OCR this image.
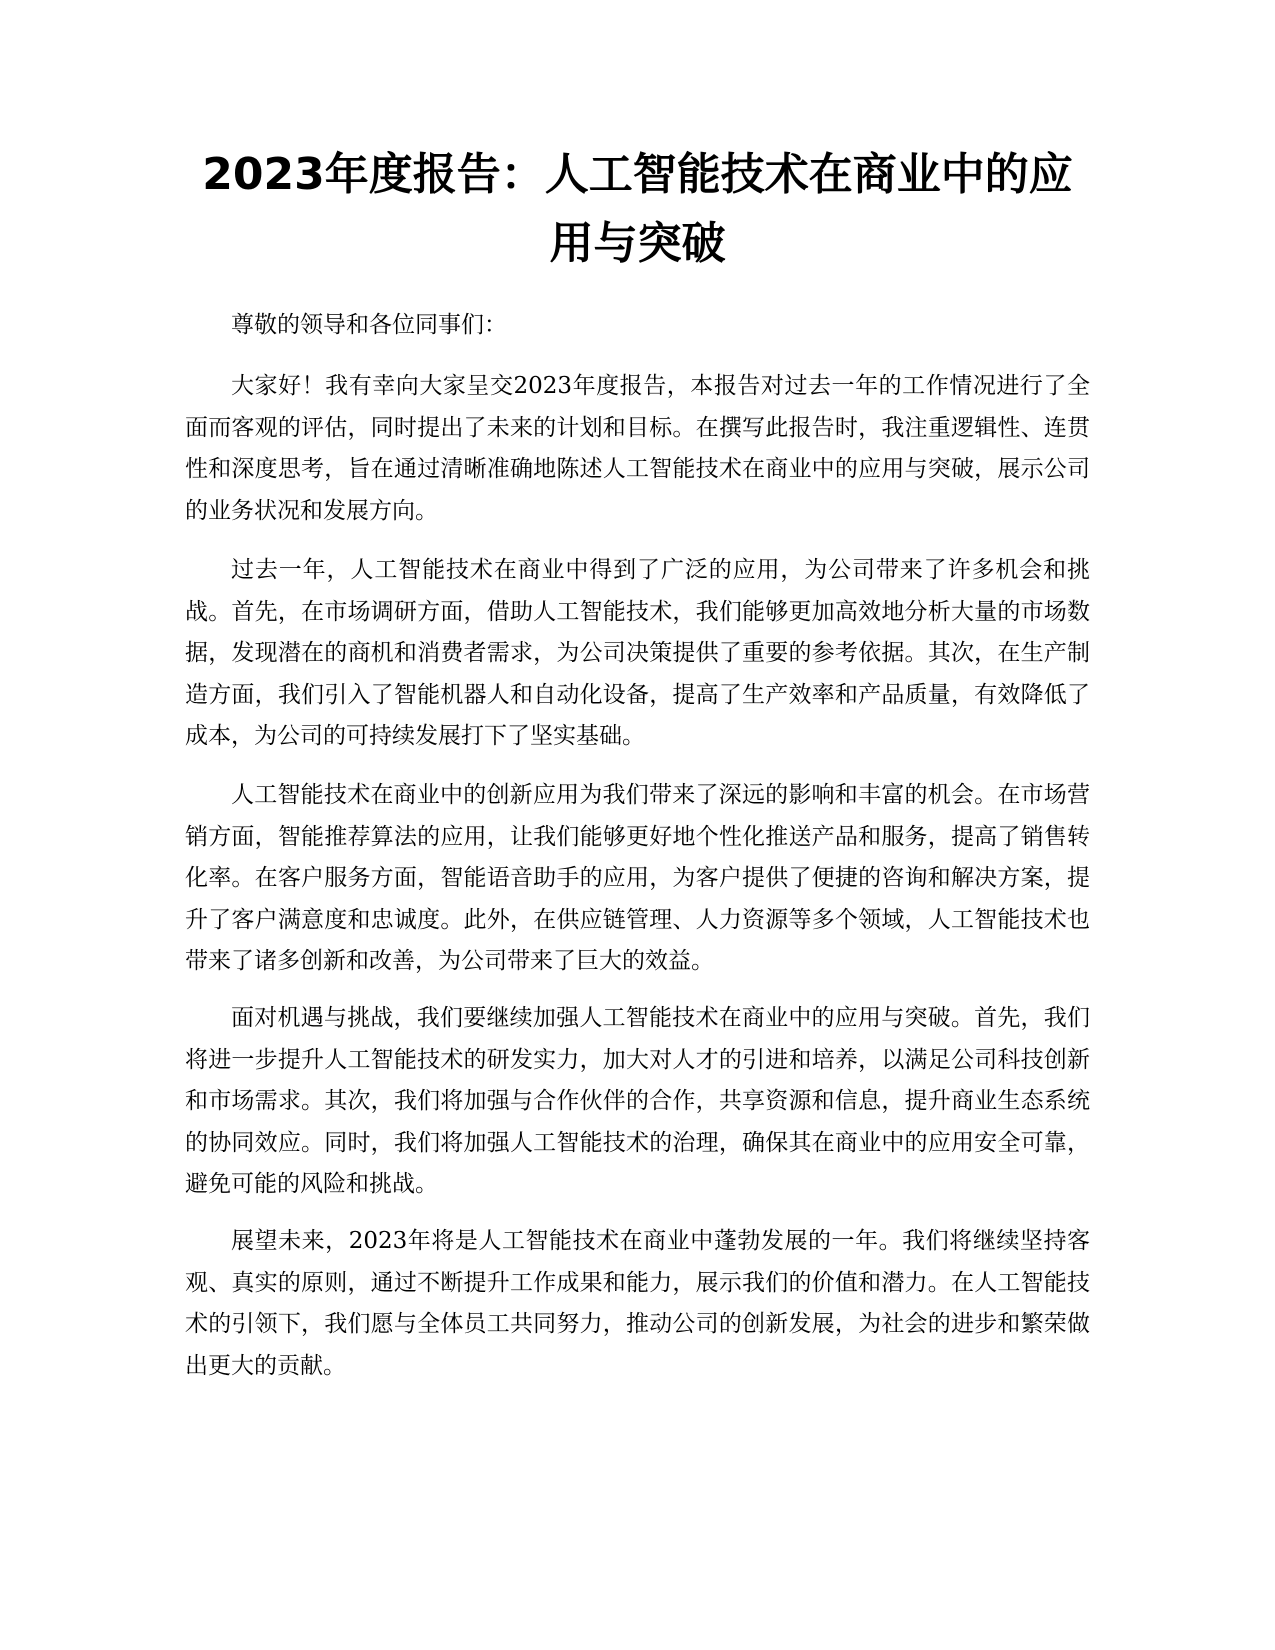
2023年度报告：人工智能技术在商业中的应用与突破

尊敬的领导和各位同事们：

大家好！我有幸向大家呈交2023年度报告，本报告对过去一年的工作情况进行了全面而客观的评估，同时提出了未来的计划和目标。在撰写此报告时，我注重逻辑性、连贯性和深度思考，旨在通过清晰准确地陈述人工智能技术在商业中的应用与突破，展示公司的业务状况和发展方向。

过去一年，人工智能技术在商业中得到了广泛的应用，为公司带来了许多机会和挑战。首先，在市场调研方面，借助人工智能技术，我们能够更加高效地分析大量的市场数据，发现潜在的商机和消费者需求，为公司决策提供了重要的参考依据。其次，在生产制造方面，我们引入了智能机器人和自动化设备，提高了生产效率和产品质量，有效降低了成本，为公司的可持续发展打下了坚实基础。

人工智能技术在商业中的创新应用为我们带来了深远的影响和丰富的机会。在市场营销方面，智能推荐算法的应用，让我们能够更好地个性化推送产品和服务，提高了销售转化率。在客户服务方面，智能语音助手的应用，为客户提供了便捷的咨询和解决方案，提升了客户满意度和忠诚度。此外，在供应链管理、人力资源等多个领域，人工智能技术也带来了诸多创新和改善，为公司带来了巨大的效益。

面对机遇与挑战，我们要继续加强人工智能技术在商业中的应用与突破。首先，我们将进一步提升人工智能技术的研发实力，加大对人才的引进和培养，以满足公司科技创新和市场需求。其次，我们将加强与合作伙伴的合作，共享资源和信息，提升商业生态系统的协同效应。同时，我们将加强人工智能技术的治理，确保其在商业中的应用安全可靠，避免可能的风险和挑战。

展望未来，2023年将是人工智能技术在商业中蓬勃发展的一年。我们将继续坚持客观、真实的原则，通过不断提升工作成果和能力，展示我们的价值和潜力。在人工智能技术的引领下，我们愿与全体员工共同努力，推动公司的创新发展，为社会的进步和繁荣做出更大的贡献。
